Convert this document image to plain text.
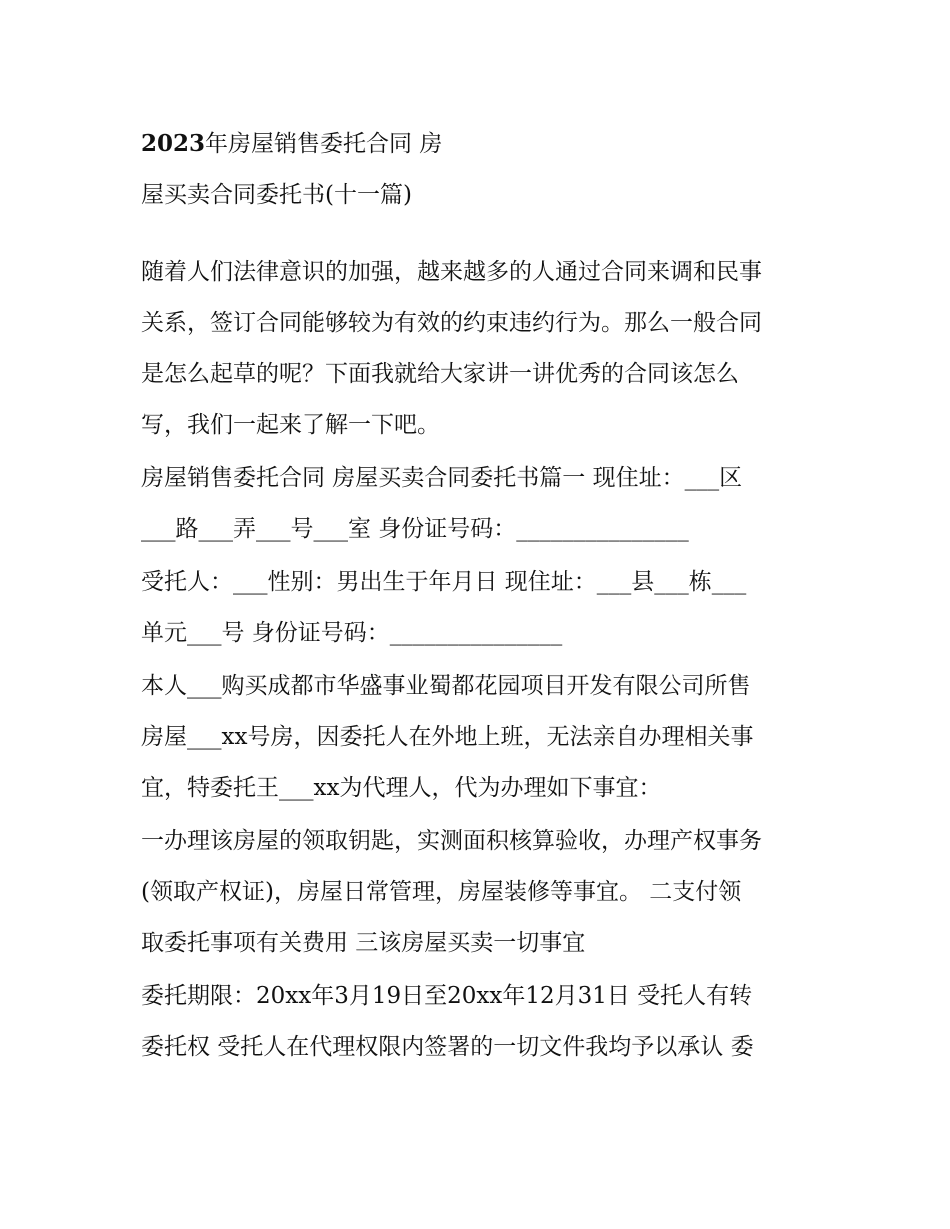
2023年房屋销售委托合同 房
屋买卖合同委托书(十一篇)
随着人们法律意识的加强，越来越多的人通过合同来调和民事
关系，签订合同能够较为有效的约束违约行为。那么一般合同
是怎么起草的呢？下面我就给大家讲一讲优秀的合同该怎么
写，我们一起来了解一下吧。
房屋销售委托合同 房屋买卖合同委托书篇一 现住址：___区
___路___弄___号___室 身份证号码：_______________
受托人：___性别：男出生于年月日 现住址：___县___栋___
单元___号 身份证号码：_______________
本人___购买成都市华盛事业蜀都花园项目开发有限公司所售
房屋___xx号房，因委托人在外地上班，无法亲自办理相关事
宜，特委托王___xx为代理人，代为办理如下事宜：
一办理该房屋的领取钥匙，实测面积核算验收，办理产权事务
(领取产权证)，房屋日常管理，房屋装修等事宜。 二支付领
取委托事项有关费用 三该房屋买卖一切事宜
委托期限：20xx年3月19日至20xx年12月31日 受托人有转
委托权 受托人在代理权限内签署的一切文件我均予以承认 委
